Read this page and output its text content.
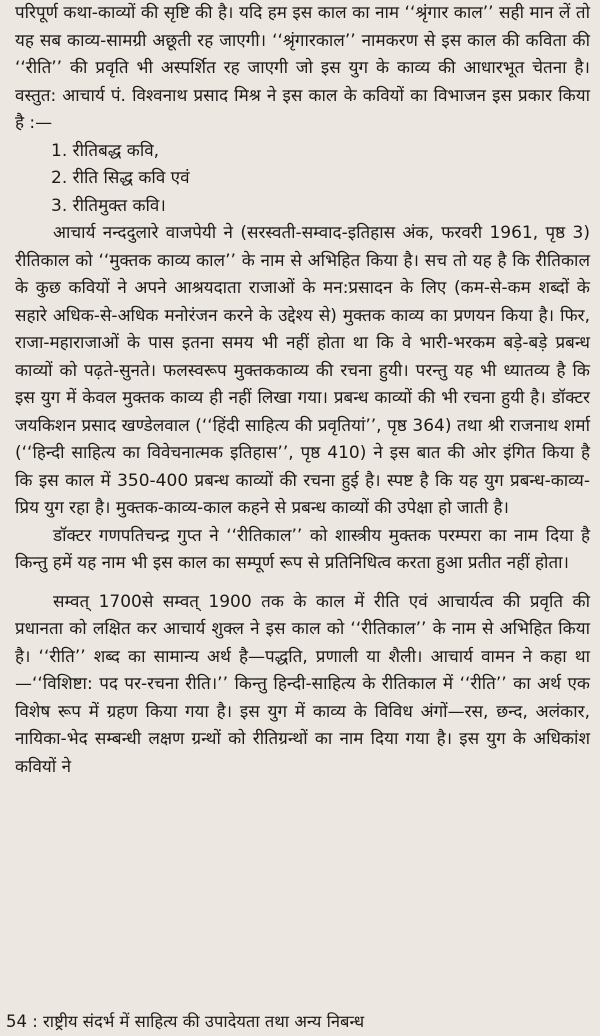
परिपूर्ण कथा-काव्यों की सृष्टि की है। यदि हम इस काल का नाम ‘‘श्रृंगार काल’’ सही मान लें तो यह सब काव्य-सामग्री अछूती रह जाएगी। ‘‘श्रृंगारकाल’’ नामकरण से इस काल की कविता की ‘‘रीति’’ की प्रवृति भी अस्पर्शित रह जाएगी जो इस युग के काव्य की आधारभूत चेतना है। वस्तुत: आचार्य पं. विश्वनाथ प्रसाद मिश्र ने इस काल के कवियों का विभाजन इस प्रकार किया है :—

1. रीतिबद्ध कवि,
2. रीति सिद्ध कवि एवं
3. रीतिमुक्त कवि।

आचार्य नन्ददुलारे वाजपेयी ने (सरस्वती-सम्वाद-इतिहास अंक, फरवरी 1961, पृष्ठ 3) रीतिकाल को ‘‘मुक्तक काव्य काल’’ के नाम से अभिहित किया है। सच तो यह है कि रीतिकाल के कुछ कवियों ने अपने आश्रयदाता राजाओं के मन:प्रसादन के लिए (कम-से-कम शब्दों के सहारे अधिक-से-अधिक मनोरंजन करने के उद्देश्य से) मुक्तक काव्य का प्रणयन किया है। फिर, राजा-महाराजाओं के पास इतना समय भी नहीं होता था कि वे भारी-भरकम बड़े-बड़े प्रबन्ध काव्यों को पढ़ते-सुनते। फलस्वरूप मुक्तककाव्य की रचना हुयी। परन्तु यह भी ध्यातव्य है कि इस युग में केवल मुक्तक काव्य ही नहीं लिखा गया। प्रबन्ध काव्यों की भी रचना हुयी है। डॉक्टर जयकिशन प्रसाद खण्डेलवाल (‘‘हिंदी साहित्य की प्रवृतियां’’, पृष्ठ 364) तथा श्री राजनाथ शर्मा (‘‘हिन्दी साहित्य का विवेचनात्मक इतिहास’’, पृष्ठ 410) ने इस बात की ओर इंगित किया है कि इस काल में 350-400 प्रबन्ध काव्यों की रचना हुई है। स्पष्ट है कि यह युग प्रबन्ध-काव्य-प्रिय युग रहा है। मुक्तक-काव्य-काल कहने से प्रबन्ध काव्यों की उपेक्षा हो जाती है।

डॉक्टर गणपतिचन्द्र गुप्त ने ‘‘रीतिकाल’’ को शास्त्रीय मुक्तक परम्परा का नाम दिया है किन्तु हमें यह नाम भी इस काल का सम्पूर्ण रूप से प्रतिनिधित्व करता हुआ प्रतीत नहीं होता।

सम्वत् 1700से सम्वत् 1900 तक के काल में रीति एवं आचार्यत्व की प्रवृति की प्रधानता को लक्षित कर आचार्य शुक्ल ने इस काल को ‘‘रीतिकाल’’ के नाम से अभिहित किया है। ‘‘रीति’’ शब्द का सामान्य अर्थ है—पद्धति, प्रणाली या शैली। आचार्य वामन ने कहा था—‘‘विशिष्टा: पद पर-रचना रीति।’’ किन्तु हिन्दी-साहित्य के रीतिकाल में ‘‘रीति’’ का अर्थ एक विशेष रूप में ग्रहण किया गया है। इस युग में काव्य के विविध अंगों—रस, छन्द, अलंकार, नायिका-भेद सम्बन्धी लक्षण ग्रन्थों को रीतिग्रन्थों का नाम दिया गया है। इस युग के अधिकांश कवियों ने

54 : राष्ट्रीय संदर्भ में साहित्य की उपादेयता तथा अन्य निबन्ध
